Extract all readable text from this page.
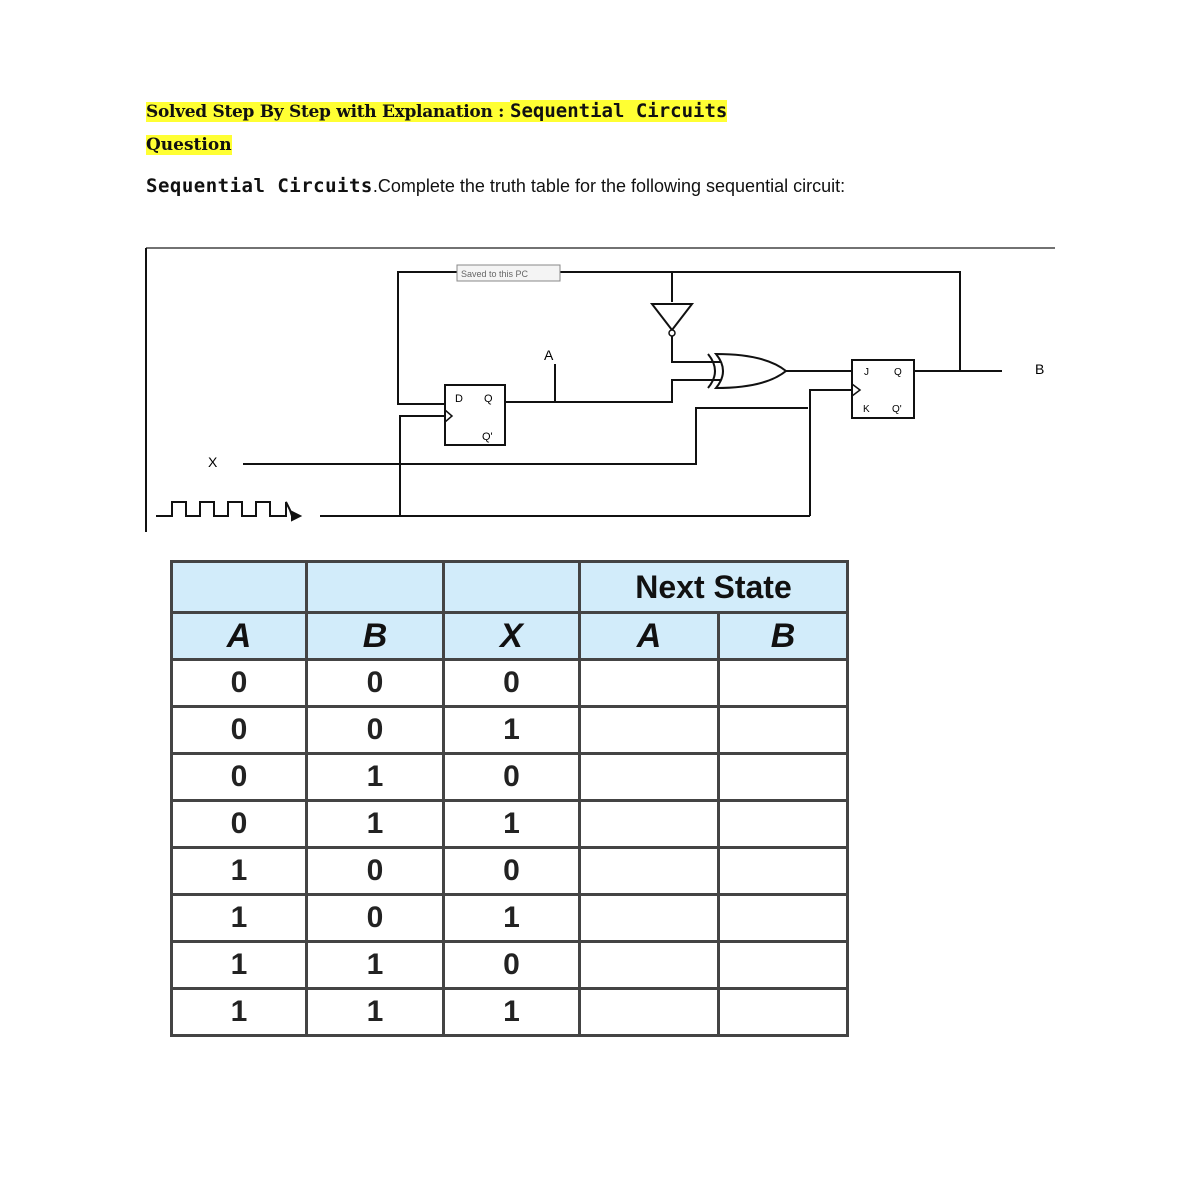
Solved Step By Step with Explanation : Sequential Circuits

Question

Sequential Circuits.Complete the truth table for the following sequential circuit:

D Q
Q'
J	Q
K Q'
A
B
X
Saved to this PC
			Next State	
A	B	X	A	B
0	0	0		
0	0	1		
0	1	0		
0	1	1		
1	0	0		
1	0	1		
1	1	0		
1	1	1		
